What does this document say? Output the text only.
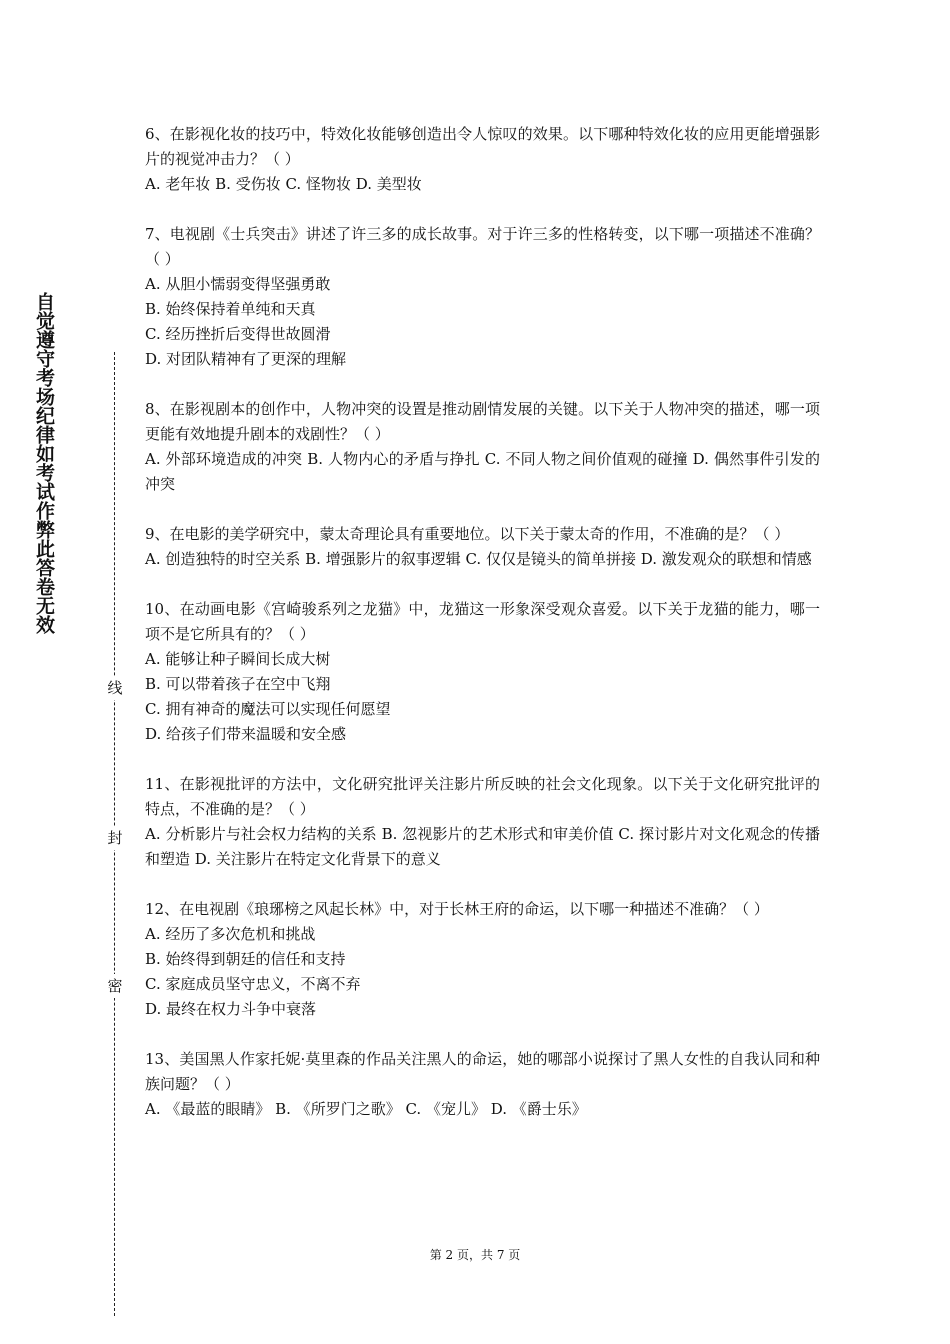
自觉遵守考场纪律如考试作弊此答卷无效
线
封
密
6、在影视化妆的技巧中，特效化妆能够创造出令人惊叹的效果。以下哪种特效化妆的应用更能增强影片的视觉冲击力？（ ）
A. 老年妆 B. 受伤妆 C. 怪物妆 D. 美型妆
7、电视剧《士兵突击》讲述了许三多的成长故事。对于许三多的性格转变，以下哪一项描述不准确？（ ）
A. 从胆小懦弱变得坚强勇敢
B. 始终保持着单纯和天真
C. 经历挫折后变得世故圆滑
D. 对团队精神有了更深的理解
8、在影视剧本的创作中，人物冲突的设置是推动剧情发展的关键。以下关于人物冲突的描述，哪一项更能有效地提升剧本的戏剧性？（ ）
A. 外部环境造成的冲突 B. 人物内心的矛盾与挣扎 C. 不同人物之间价值观的碰撞 D. 偶然事件引发的冲突
9、在电影的美学研究中，蒙太奇理论具有重要地位。以下关于蒙太奇的作用，不准确的是？（ ）
A. 创造独特的时空关系 B. 增强影片的叙事逻辑 C. 仅仅是镜头的简单拼接 D. 激发观众的联想和情感
10、在动画电影《宫崎骏系列之龙猫》中，龙猫这一形象深受观众喜爱。以下关于龙猫的能力，哪一项不是它所具有的？（ ）
A. 能够让种子瞬间长成大树
B. 可以带着孩子在空中飞翔
C. 拥有神奇的魔法可以实现任何愿望
D. 给孩子们带来温暖和安全感
11、在影视批评的方法中，文化研究批评关注影片所反映的社会文化现象。以下关于文化研究批评的特点，不准确的是？（ ）
A. 分析影片与社会权力结构的关系 B. 忽视影片的艺术形式和审美价值 C. 探讨影片对文化观念的传播和塑造 D. 关注影片在特定文化背景下的意义
12、在电视剧《琅琊榜之风起长林》中，对于长林王府的命运，以下哪一种描述不准确？（ ）
A. 经历了多次危机和挑战
B. 始终得到朝廷的信任和支持
C. 家庭成员坚守忠义，不离不弃
D. 最终在权力斗争中衰落
13、美国黑人作家托妮·莫里森的作品关注黑人的命运，她的哪部小说探讨了黑人女性的自我认同和种族问题？（ ）
A. 《最蓝的眼睛》 B. 《所罗门之歌》 C. 《宠儿》 D. 《爵士乐》
第 2 页，共 7 页
